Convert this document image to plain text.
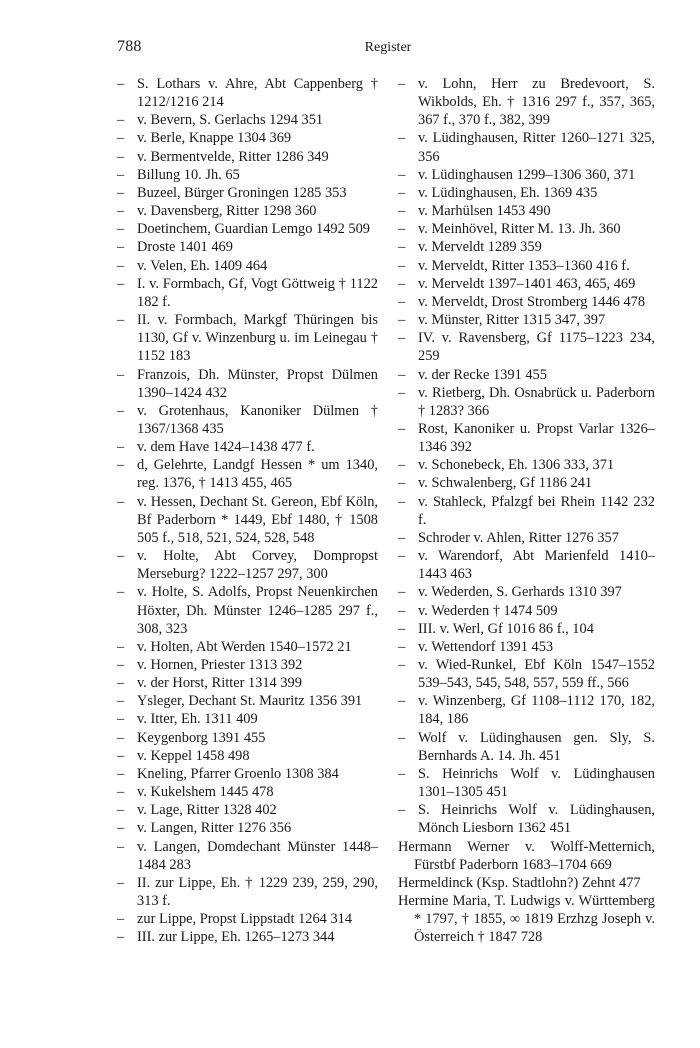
788	Register
– S. Lothars v. Ahre, Abt Cappenberg † 1212/1216 214
– v. Bevern, S. Gerlachs 1294 351
– v. Berle, Knappe 1304 369
– v. Bermentvelde, Ritter 1286 349
– Billung 10. Jh. 65
– Buzeel, Bürger Groningen 1285 353
– v. Davensberg, Ritter 1298 360
– Doetinchem, Guardian Lemgo 1492 509
– Droste 1401 469
– v. Velen, Eh. 1409 464
– I. v. Formbach, Gf, Vogt Göttweig † 1122 182 f.
– II. v. Formbach, Markgf Thüringen bis 1130, Gf v. Winzenburg u. im Leinegau † 1152 183
– Franzois, Dh. Münster, Propst Dülmen 1390–1424 432
– v. Grotenhaus, Kanoniker Dülmen † 1367/1368 435
– v. dem Have 1424–1438 477 f.
– d, Gelehrte, Landgf Hessen * um 1340, reg. 1376, † 1413 455, 465
– v. Hessen, Dechant St. Gereon, Ebf Köln, Bf Paderborn * 1449, Ebf 1480, † 1508 505 f., 518, 521, 524, 528, 548
– v. Holte, Abt Corvey, Dompropst Merseburg? 1222–1257 297, 300
– v. Holte, S. Adolfs, Propst Neuenkirchen Höxter, Dh. Münster 1246–1285 297 f., 308, 323
– v. Holten, Abt Werden 1540–1572 21
– v. Hornen, Priester 1313 392
– v. der Horst, Ritter 1314 399
– Ysleger, Dechant St. Mauritz 1356 391
– v. Itter, Eh. 1311 409
– Keygenborg 1391 455
– v. Keppel 1458 498
– Kneling, Pfarrer Groenlo 1308 384
– v. Kukelshem 1445 478
– v. Lage, Ritter 1328 402
– v. Langen, Ritter 1276 356
– v. Langen, Domdechant Münster 1448–1484 283
– II. zur Lippe, Eh. † 1229 239, 259, 290, 313 f.
– zur Lippe, Propst Lippstadt 1264 314
– III. zur Lippe, Eh. 1265–1273 344
– v. Lohn, Herr zu Bredevoort, S. Wikbolds, Eh. † 1316 297 f., 357, 365, 367 f., 370 f., 382, 399
– v. Lüdinghausen, Ritter 1260–1271 325, 356
– v. Lüdinghausen 1299–1306 360, 371
– v. Lüdinghausen, Eh. 1369 435
– v. Marhülsen 1453 490
– v. Meinhövel, Ritter M. 13. Jh. 360
– v. Merveldt 1289 359
– v. Merveldt, Ritter 1353–1360 416 f.
– v. Merveldt 1397–1401 463, 465, 469
– v. Merveldt, Drost Stromberg 1446 478
– v. Münster, Ritter 1315 347, 397
– IV. v. Ravensberg, Gf 1175–1223 234, 259
– v. der Recke 1391 455
– v. Rietberg, Dh. Osnabrück u. Paderborn † 1283? 366
– Rost, Kanoniker u. Propst Varlar 1326–1346 392
– v. Schonebeck, Eh. 1306 333, 371
– v. Schwalenberg, Gf 1186 241
– v. Stahleck, Pfalzgf bei Rhein 1142 232 f.
– Schroder v. Ahlen, Ritter 1276 357
– v. Warendorf, Abt Marienfeld 1410–1443 463
– v. Wederden, S. Gerhards 1310 397
– v. Wederden † 1474 509
– III. v. Werl, Gf 1016 86 f., 104
– v. Wettendorf 1391 453
– v. Wied-Runkel, Ebf Köln 1547–1552 539–543, 545, 548, 557, 559 ff., 566
– v. Winzenberg, Gf 1108–1112 170, 182, 184, 186
– Wolf v. Lüdinghausen gen. Sly, S. Bernhards A. 14. Jh. 451
– S. Heinrichs Wolf v. Lüdinghausen 1301–1305 451
– S. Heinrichs Wolf v. Lüdinghausen, Mönch Liesborn 1362 451
Hermann Werner v. Wolff-Metternich, Fürstbf Paderborn 1683–1704 669
Hermeldinck (Ksp. Stadtlohn?) Zehnt 477
Hermine Maria, T. Ludwigs v. Württemberg * 1797, † 1855, ∞ 1819 Erzhzg Joseph v. Österreich † 1847 728
